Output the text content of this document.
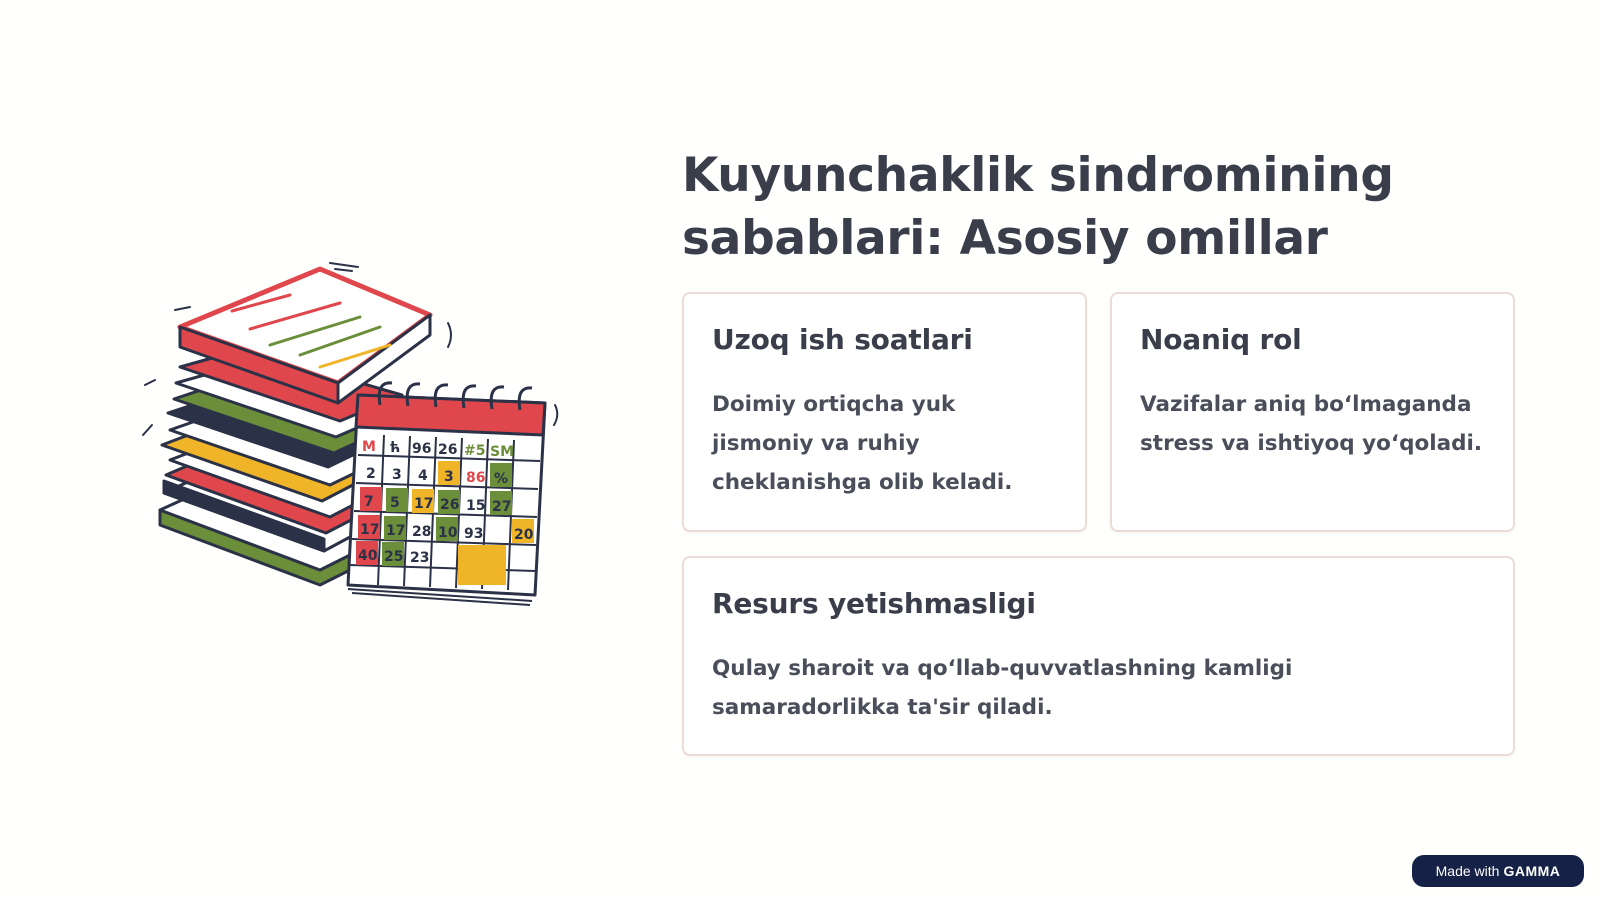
M ћ 96 26 #5 SM
2 3 4 3 86 %
7 5 17 26 15 27
17 17 28 10 93 20
40 25 23
Kuyunchaklik sindromining sabablari: Asosiy omillar
Uzoq ish soatlari
Doimiy ortiqcha yuk jismoniy va ruhiy cheklanishga olib keladi.
Noaniq rol
Vazifalar aniq boʻlmaganda stress va ishtiyoq yoʻqoladi.
Resurs yetishmasligi
Qulay sharoit va qoʻllab-quvvatlashning kamligi samaradorlikka ta'sir qiladi.
Made with GAMMA
